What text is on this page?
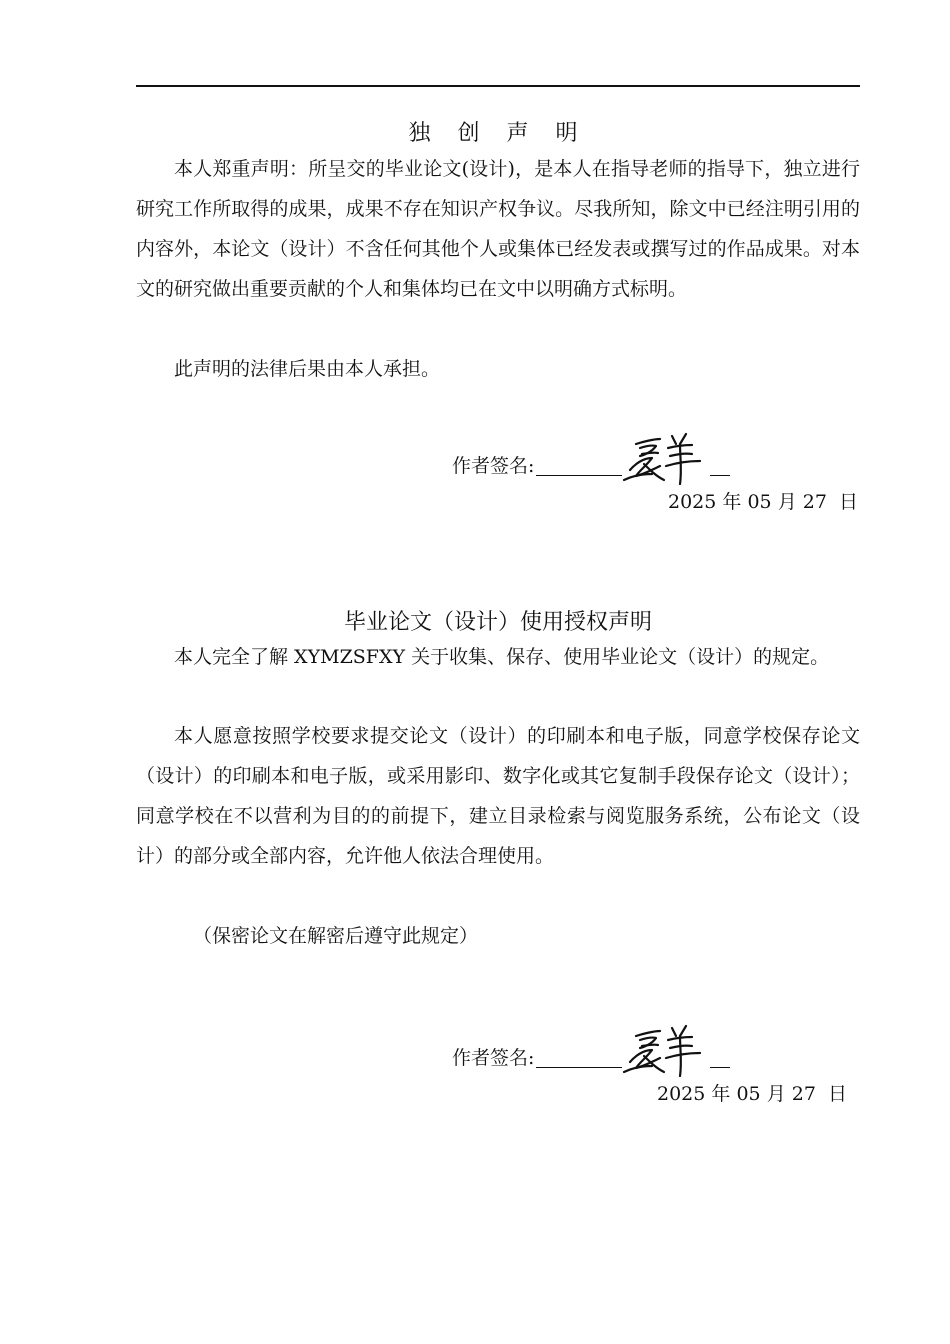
独 创 声 明

本人郑重声明：所呈交的毕业论文(设计)，是本人在指导老师的指导下，独立进行研究工作所取得的成果，成果不存在知识产权争议。尽我所知，除文中已经注明引用的内容外，本论文（设计）不含任何其他个人或集体已经发表或撰写过的作品成果。对本文的研究做出重要贡献的个人和集体均已在文中以明确方式标明。

此声明的法律后果由本人承担。

作者签名:
2025 年 05 月 27 日
毕业论文（设计）使用授权声明

本人完全了解 XYMZSFXY 关于收集、保存、使用毕业论文（设计）的规定。

本人愿意按照学校要求提交论文（设计）的印刷本和电子版，同意学校保存论文（设计）的印刷本和电子版，或采用影印、数字化或其它复制手段保存论文（设计）；同意学校在不以营利为目的的前提下，建立目录检索与阅览服务系统，公布论文（设计）的部分或全部内容，允许他人依法合理使用。

（保密论文在解密后遵守此规定）

作者签名:
2025 年 05 月 27 日
